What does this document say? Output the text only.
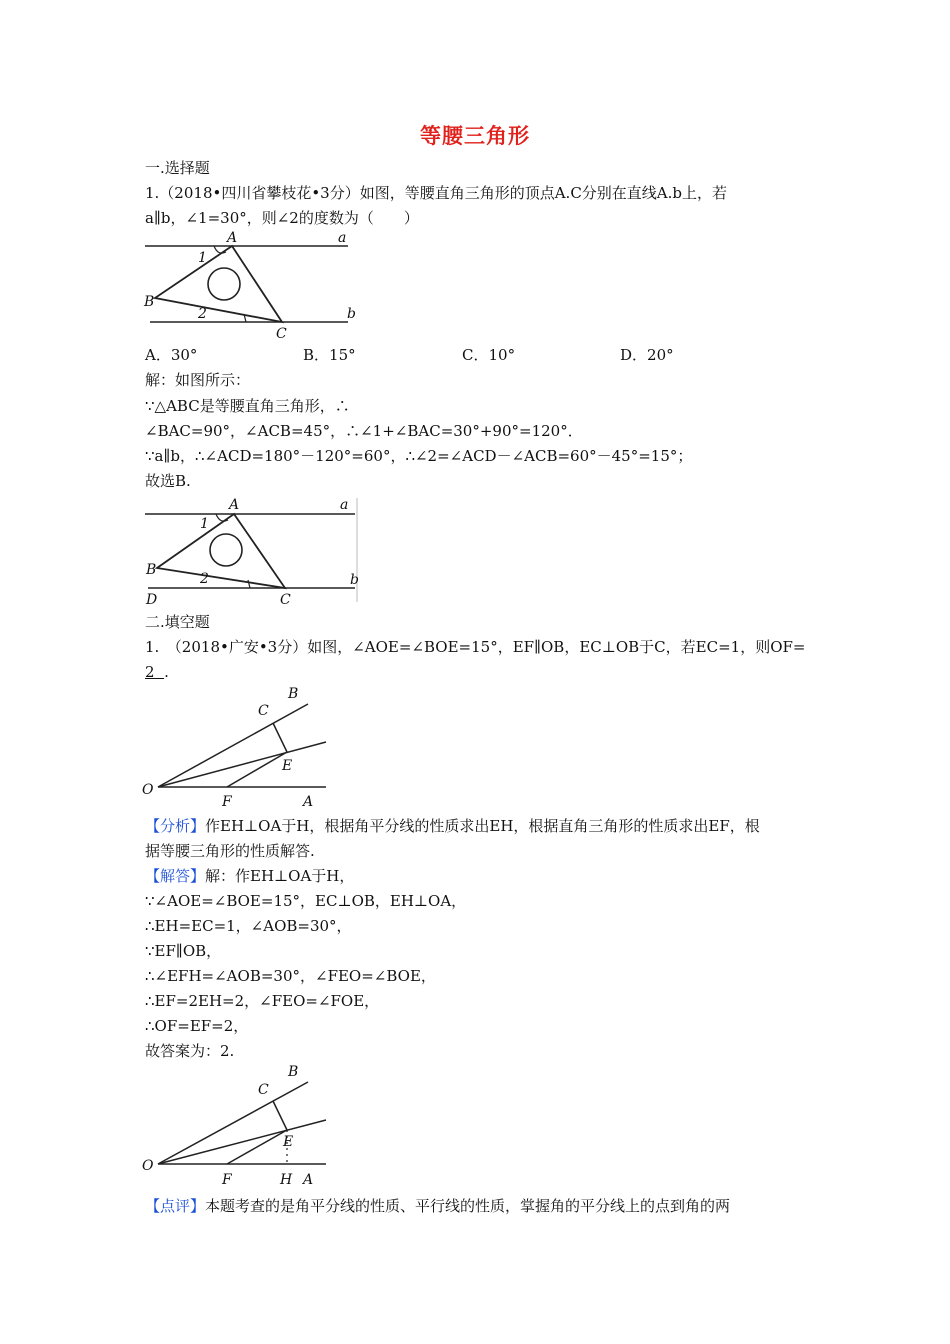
等腰三角形
一.选择题
1.（2018•四川省攀枝花•3分）如图，等腰直角三角形的顶点A.C分别在直线A.b上，若
a∥b，∠1=30°，则∠2的度数为（　　）
A	a
1
B
2
C
b
A．30°	B．15°	C．10°	D．20°
解：如图所示：
∵△ABC是等腰直角三角形，∴
∠BAC=90°，∠ACB=45°，∴∠1+∠BAC=30°+90°=120°．
∵a∥b，∴∠ACD=180°－120°=60°，∴∠2=∠ACD－∠ACB=60°－45°=15°；
故选B.
A	a
1
B
2
C
b
D
二.填空题
1.　（2018•广安•3分）如图，∠AOE=∠BOE=15°，EF∥OB，EC⊥OB于C，若EC=1，则OF=
2 .
B
C
E
O
F	A
【分析】作EH⊥OA于H，根据角平分线的性质求出EH，根据直角三角形的性质求出EF，根
据等腰三角形的性质解答.
【解答】解：作EH⊥OA于H，
∵∠AOE=∠BOE=15°，EC⊥OB，EH⊥OA，
∴EH=EC=1，∠AOB=30°，
∵EF∥OB，
∴∠EFH=∠AOB=30°，∠FEO=∠BOE，
∴EF=2EH=2，∠FEO=∠FOE，
∴OF=EF=2，
故答案为：2.
B
C
E
O
F	H A
【点评】本题考查的是角平分线的性质、平行线的性质，掌握角的平分线上的点到角的两
